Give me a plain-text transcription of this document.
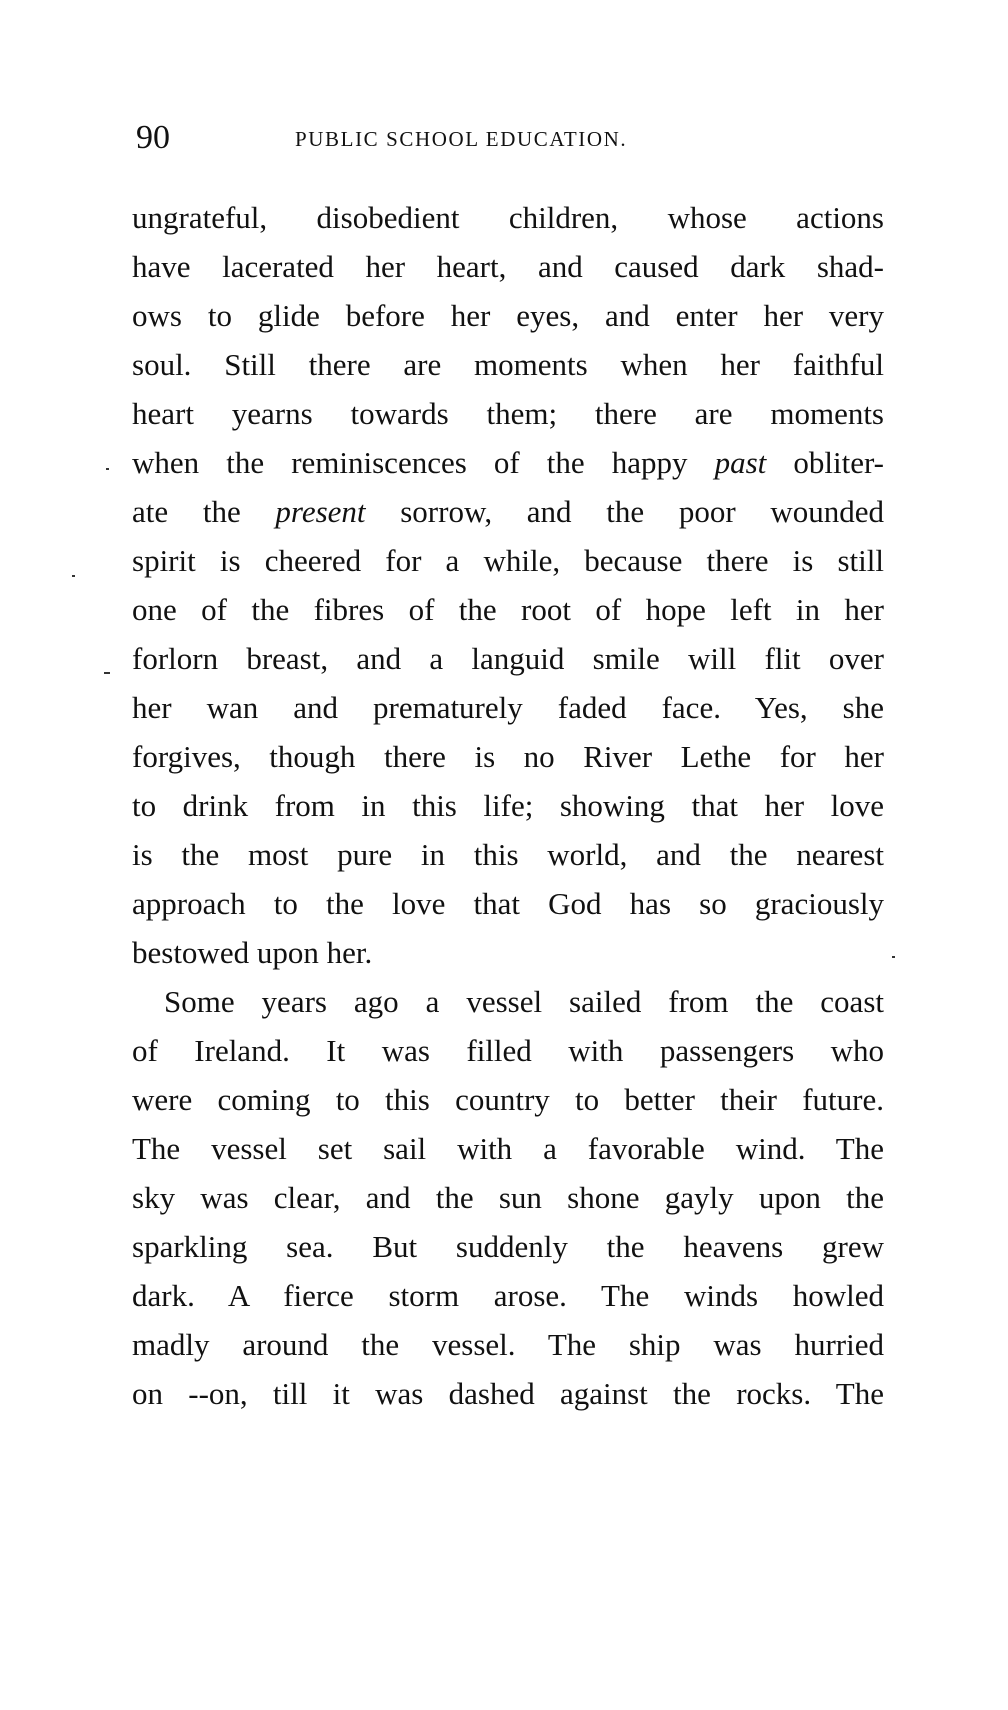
90	PUBLIC SCHOOL EDUCATION.
ungrateful, disobedient children, whose actions
have lacerated her heart, and caused dark shad-
ows to glide before her eyes, and enter her very
soul. Still there are moments when her faithful
heart yearns towards them; there are moments
when the reminiscences of the happy past obliter-
ate the present sorrow, and the poor wounded
spirit is cheered for a while, because there is still
one of the fibres of the root of hope left in her
forlorn breast, and a languid smile will flit over
her wan and prematurely faded face. Yes, she
forgives, though there is no River Lethe for her
to drink from in this life; showing that her love
is the most pure in this world, and the nearest
approach to the love that God has so graciously
bestowed upon her.
Some years ago a vessel sailed from the coast
of Ireland. It was filled with passengers who
were coming to this country to better their future.
The vessel set sail with a favorable wind. The
sky was clear, and the sun shone gayly upon the
sparkling sea. But suddenly the heavens grew
dark. A fierce storm arose. The winds howled
madly around the vessel. The ship was hurried
on --on, till it was dashed against the rocks. The
